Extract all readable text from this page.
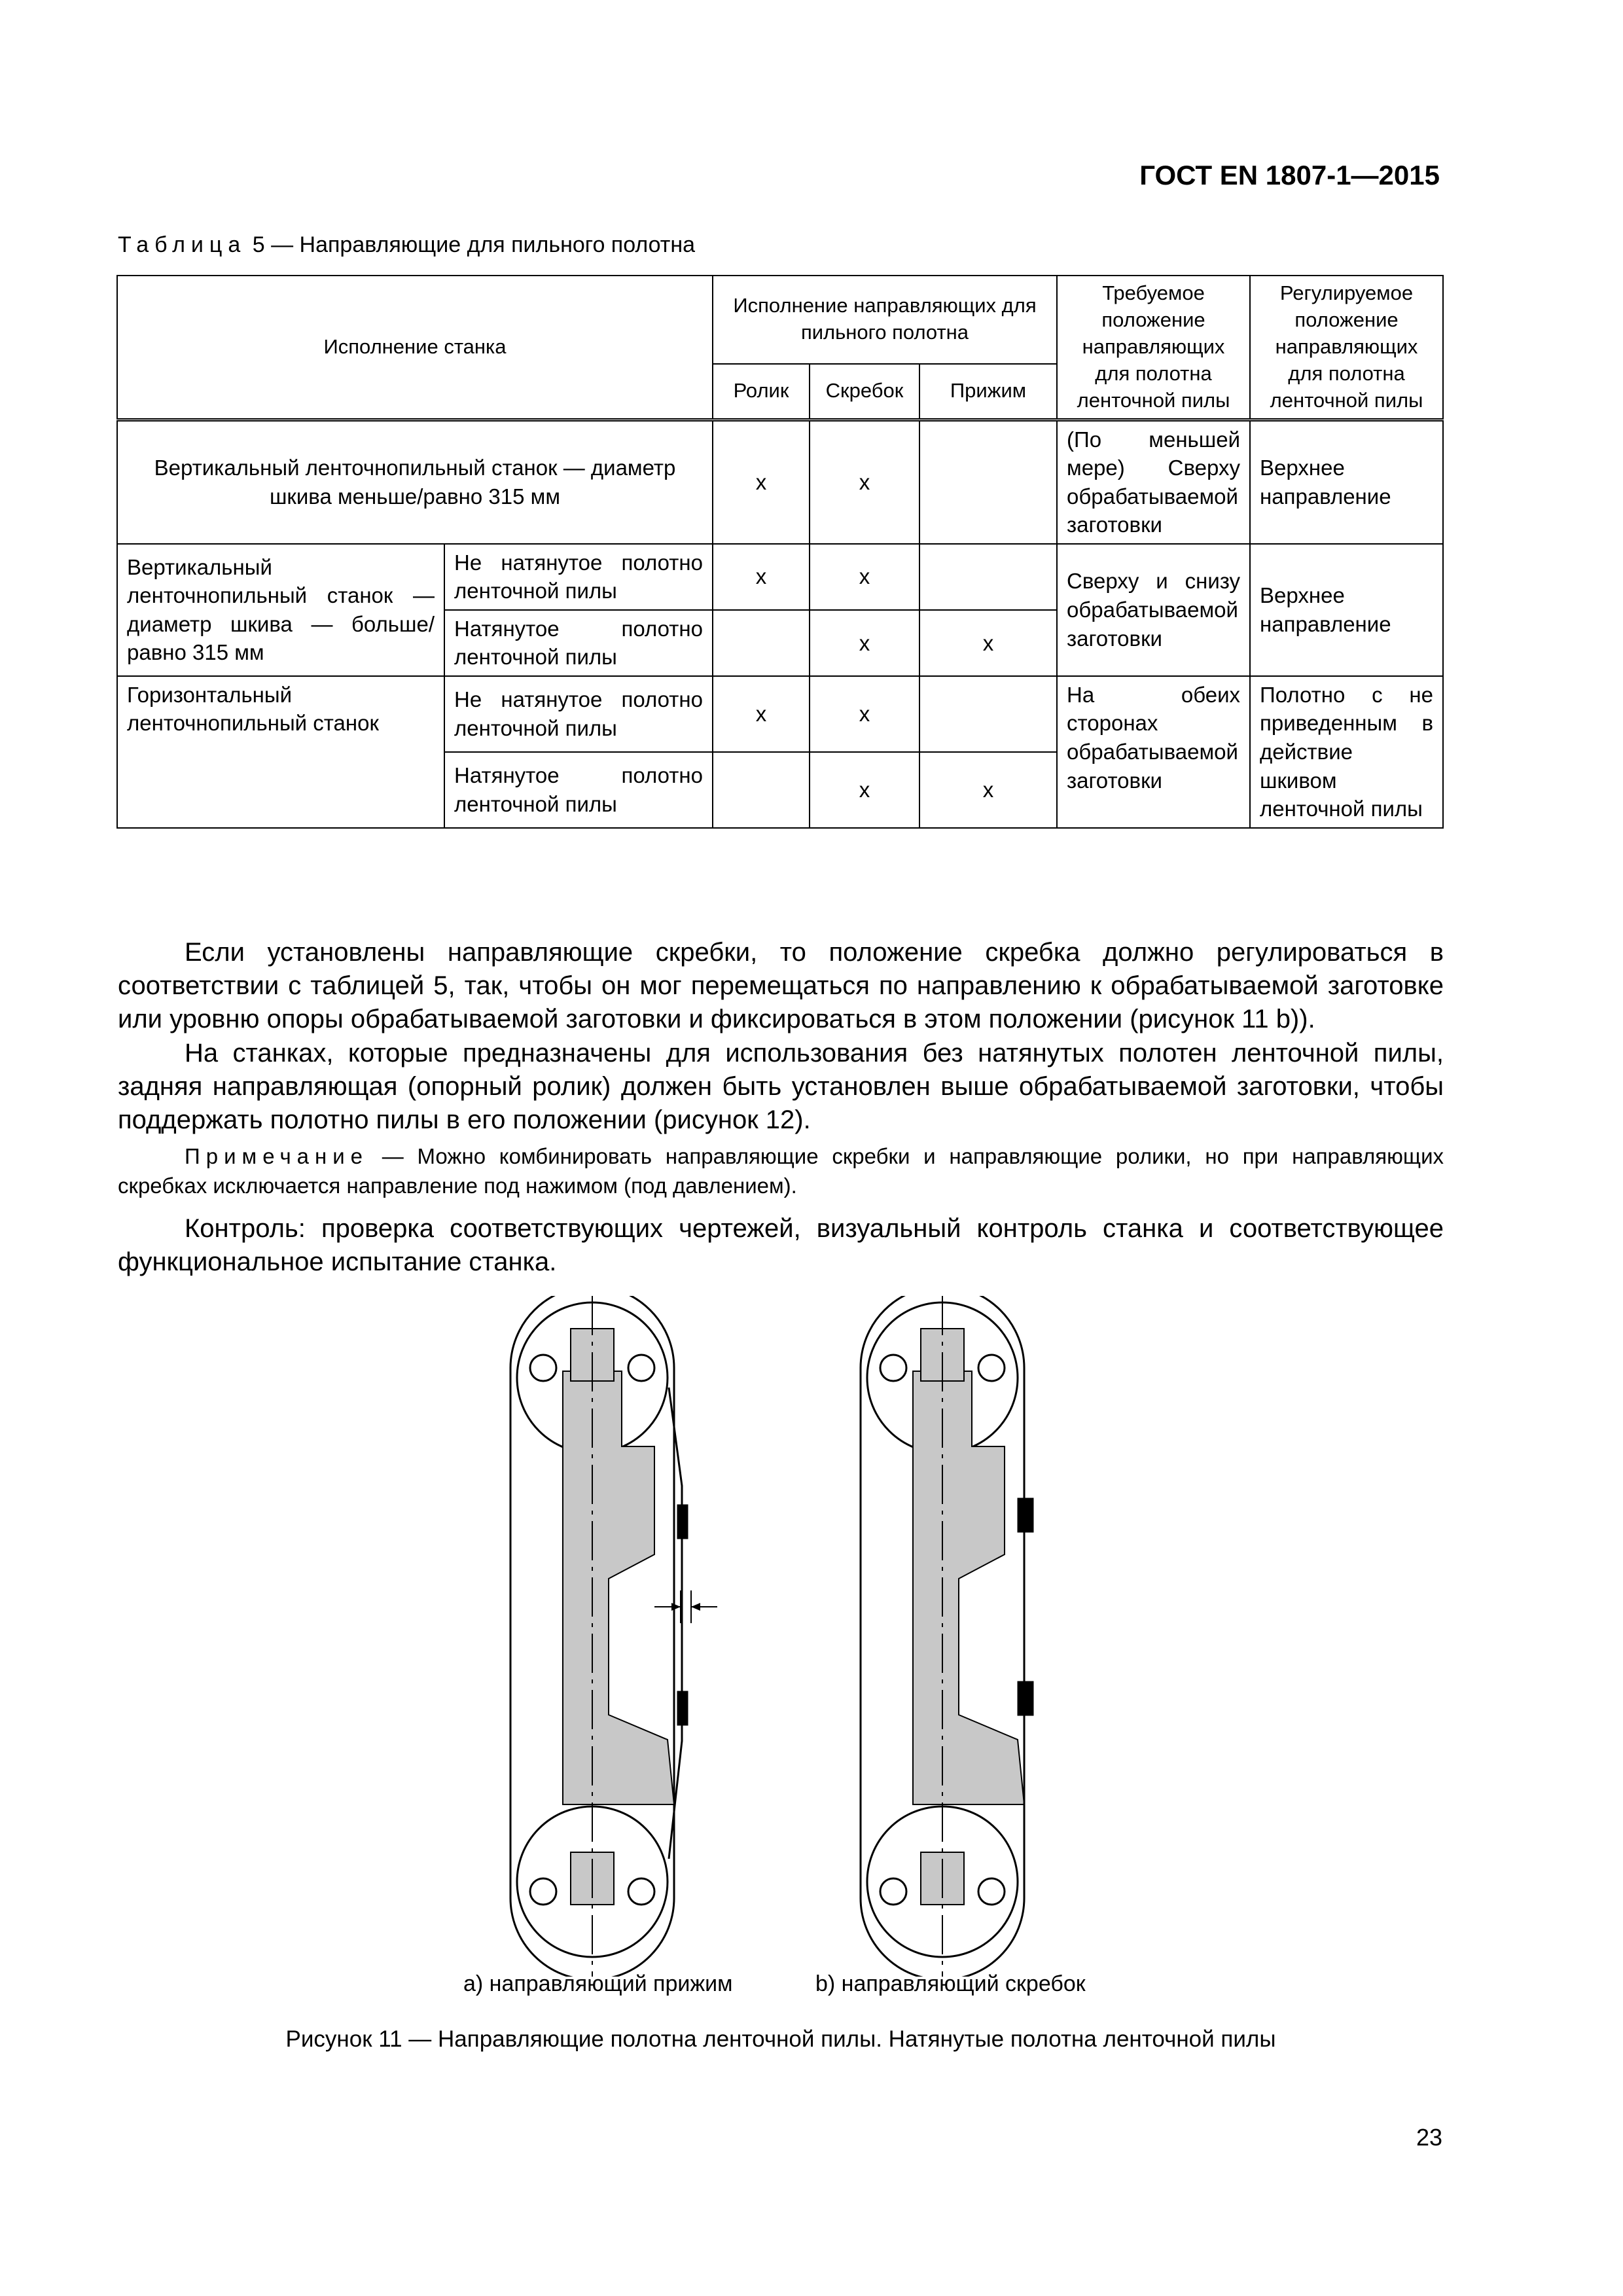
ГОСТ EN 1807-1—2015
Таблица 5 — Направляющие для пильного полотна
Исполнение станка		Исполнение направляющих для пильного полотна			Требуемое положение направляющих для полотна ленточной пилы	Регулируемое положение направляющих для полотна ленточной пилы
		Ролик	Скребок	Прижим		
Вертикальный ленточнопильный станок — диаметр шкива меньше/равно 315 мм		x	x		(По меньшей мере) Сверху обрабатываемой заготовки	Верхнее направление
Вертикальный ленточнопильный станок — диаметр шкива — больше/равно 315 мм	Не натянутое полотно ленточной пилы	x	x		Сверху и снизу обрабатываемой заготовки	Верхнее направление
	Натянутое полотно ленточной пилы		x	x		
Горизонтальный ленточнопильный станок	Не натянутое полотно ленточной пилы	x	x		На обеих сторонах обрабатываемой заготовки	Полотно с не приведенным в действие шкивом ленточной пилы
	Натянутое полотно ленточной пилы		x	x		

Если установлены направляющие скребки, то положение скребка должно регулироваться в соответствии с таблицей 5, так, чтобы он мог перемещаться по направлению к обрабатываемой заготовке или уровню опоры обрабатываемой заготовки и фиксироваться в этом положении (рисунок 11 b)).

На станках, которые предназначены для использования без натянутых полотен ленточной пилы, задняя направляющая (опорный ролик) должен быть установлен выше обрабатываемой заготовки, чтобы поддержать полотно пилы в его положении (рисунок 12).

Примечание — Можно комбинировать направляющие скребки и направляющие ролики, но при направляющих скребках исключается направление под нажимом (под давлением).

Контроль: проверка соответствующих чертежей, визуальный контроль станка и соответствующее функциональное испытание станка.

а) направляющий прижим	b) направляющий скребок
Рисунок 11 — Направляющие полотна ленточной пилы. Натянутые полотна ленточной пилы
23
